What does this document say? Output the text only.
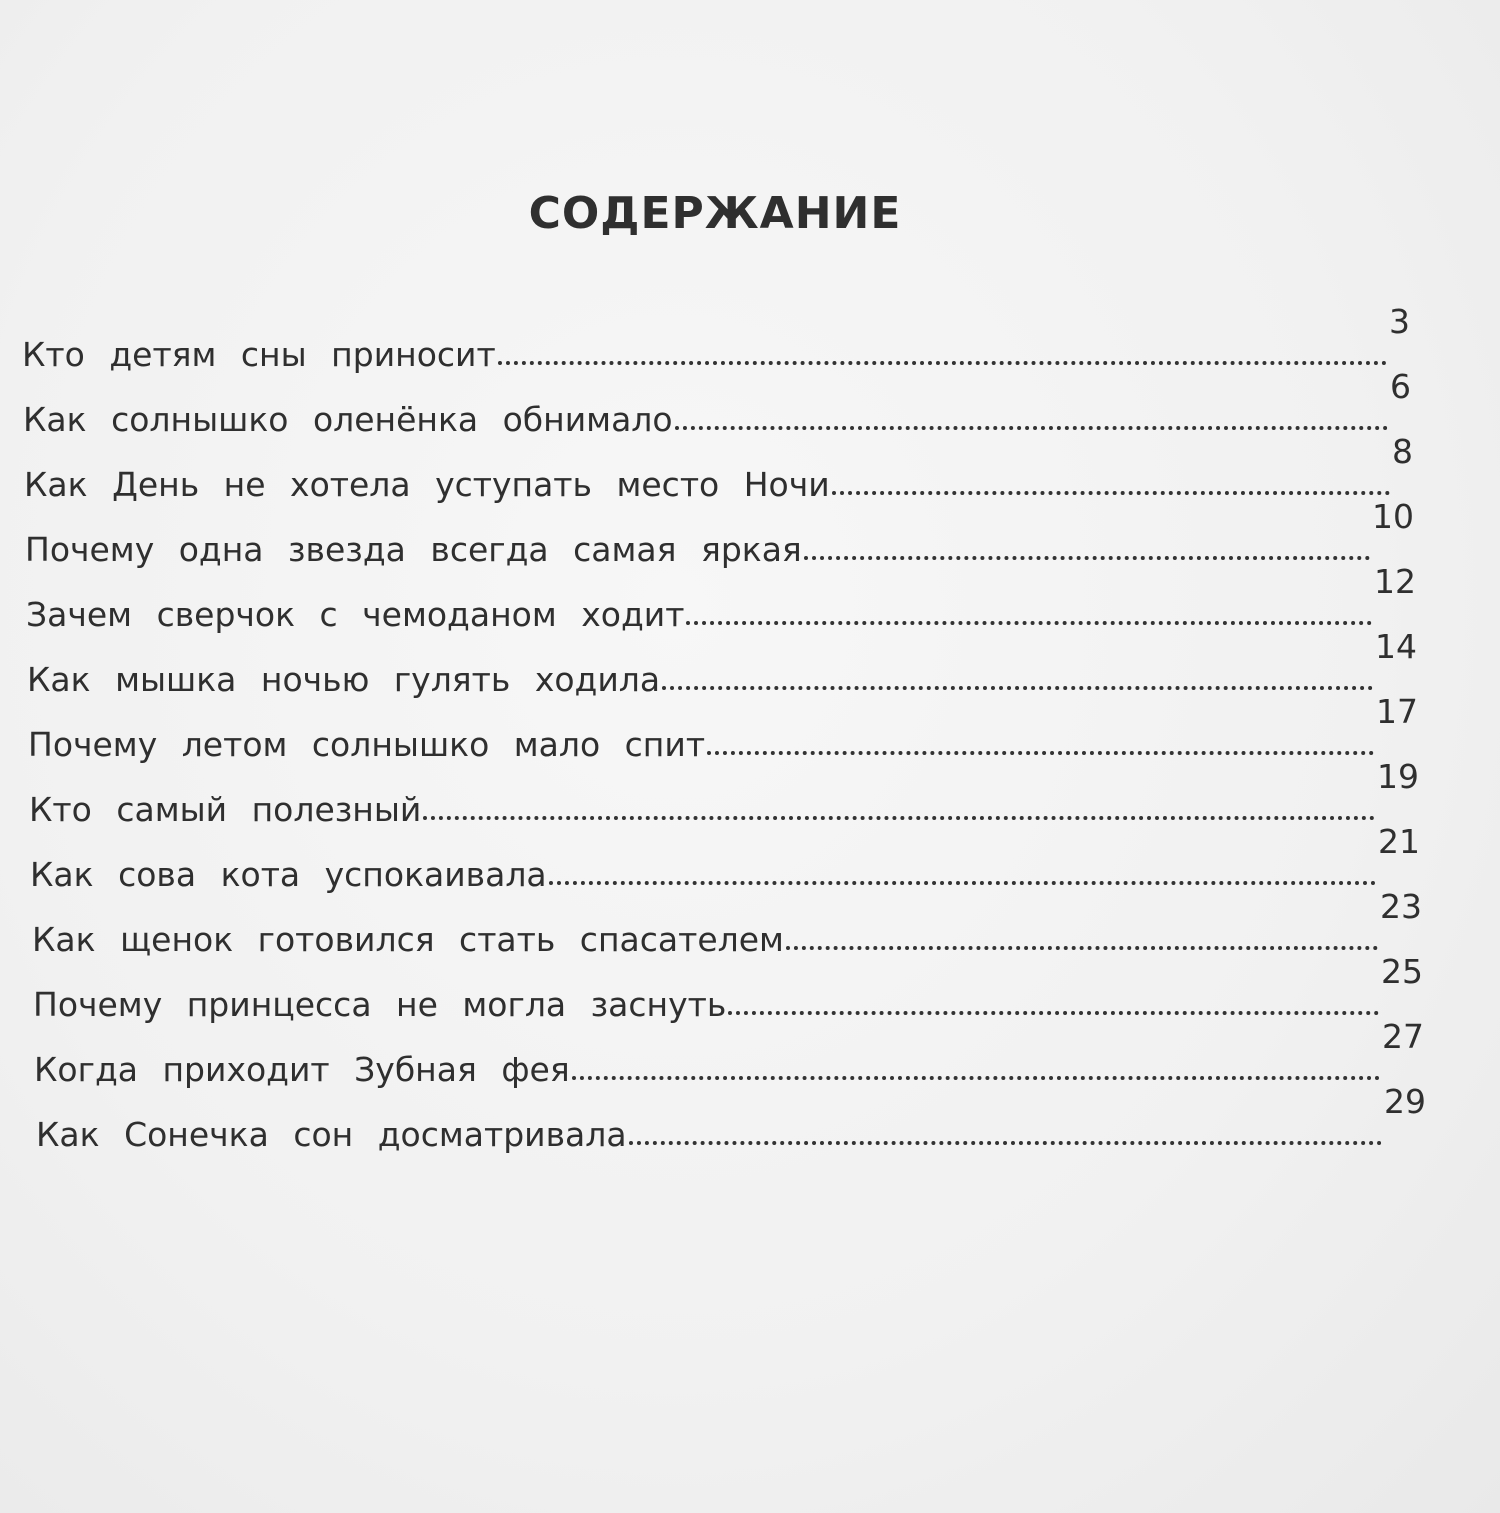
СОДЕРЖАНИЕ
Кто детям сны приносит
3
Как солнышко оленёнка обнимало
6
Как День не хотела уступать место Ночи
8
Почему одна звезда всегда самая яркая
10
Зачем сверчок с чемоданом ходит
12
Как мышка ночью гулять ходила
14
Почему летом солнышко мало спит
17
Кто самый полезный
19
Как сова кота успокаивала
21
Как щенок готовился стать спасателем
23
Почему принцесса не могла заснуть
25
Когда приходит Зубная фея
27
Как Сонечка сон досматривала
29
